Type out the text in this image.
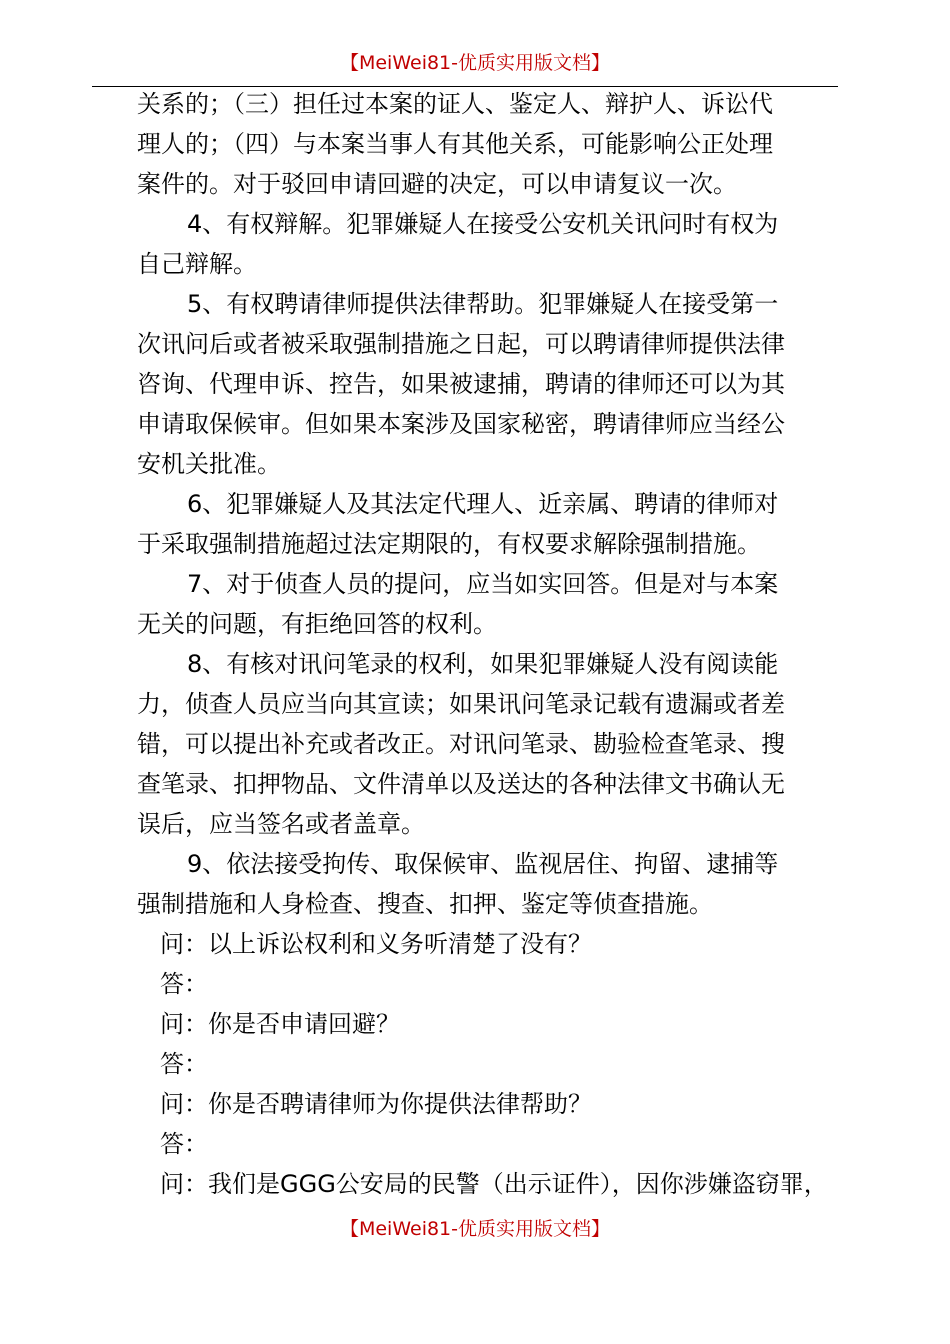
【MeiWei81-优质实用版文档】
关系的；（三）担任过本案的证人、鉴定人、辩护人、诉讼代
理人的；（四）与本案当事人有其他关系，可能影响公正处理
案件的。对于驳回申请回避的决定，可以申请复议一次。
4、有权辩解。犯罪嫌疑人在接受公安机关讯问时有权为
自己辩解。
5、有权聘请律师提供法律帮助。犯罪嫌疑人在接受第一
次讯问后或者被采取强制措施之日起，可以聘请律师提供法律
咨询、代理申诉、控告，如果被逮捕，聘请的律师还可以为其
申请取保候审。但如果本案涉及国家秘密，聘请律师应当经公
安机关批准。
6、犯罪嫌疑人及其法定代理人、近亲属、聘请的律师对
于采取强制措施超过法定期限的，有权要求解除强制措施。
7、对于侦查人员的提问，应当如实回答。但是对与本案
无关的问题，有拒绝回答的权利。
8、有核对讯问笔录的权利，如果犯罪嫌疑人没有阅读能
力，侦查人员应当向其宣读；如果讯问笔录记载有遗漏或者差
错，可以提出补充或者改正。对讯问笔录、勘验检查笔录、搜
查笔录、扣押物品、文件清单以及送达的各种法律文书确认无
误后，应当签名或者盖章。
9、依法接受拘传、取保候审、监视居住、拘留、逮捕等
强制措施和人身检查、搜查、扣押、鉴定等侦查措施。
问：以上诉讼权利和义务听清楚了没有？
答：
问：你是否申请回避？
答：
问：你是否聘请律师为你提供法律帮助？
答：
问：我们是GGG公安局的民警（出示证件），因你涉嫌盗窃罪，
【MeiWei81-优质实用版文档】
